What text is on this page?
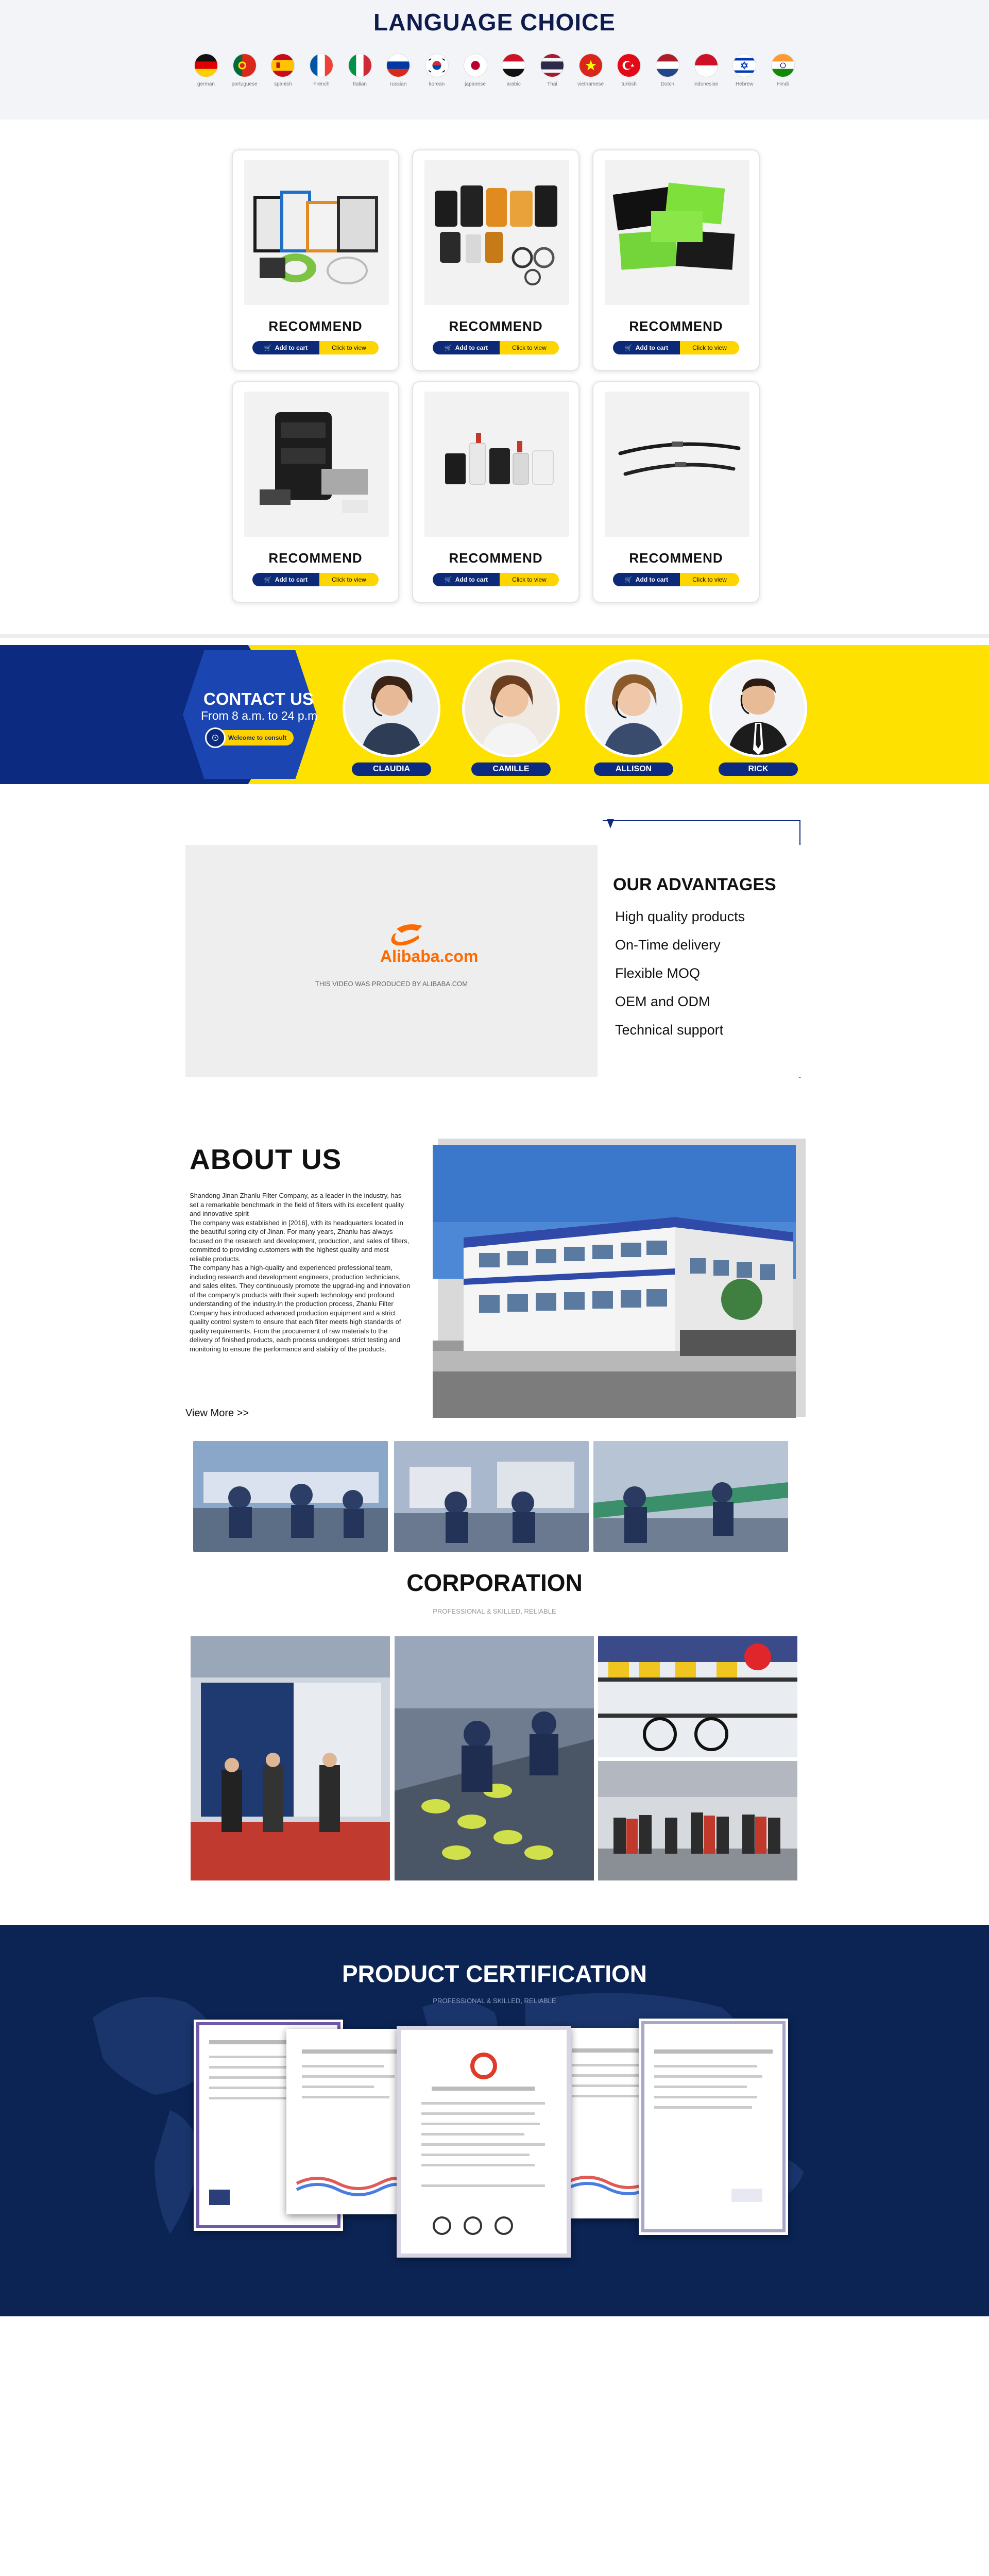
LANGUAGE CHOICE
german	portuguese	spanish	French	Italian	russian	korean	japanese	arabic	Thai	vietnamese	turkish	Dutch	indonesian	Hebrew	Hindi
RECOMMEND
🛒 Add to cart	Click to view
RECOMMEND
🛒 Add to cart	Click to view
RECOMMEND
🛒 Add to cart	Click to view
RECOMMEND
🛒 Add to cart	Click to view
RECOMMEND
🛒 Add to cart	Click to view
RECOMMEND
🛒 Add to cart	Click to view
CONTACT US
From 8 a.m. to 24 p.m
Welcome to consult
⏲
CLAUDIA	CAMILLE	ALLISON	RICK
Alibaba.com
THIS VIDEO WAS PRODUCED BY ALIBABA.COM
OUR ADVANTAGES
High quality products
On-Time delivery
Flexible MOQ
OEM and ODM
Technical support
ABOUT US

Shandong Jinan Zhanlu Filter Company, as a leader in the industry, has set a remarkable benchmark in the field of filters with its excellent quality and innovative spirit

The company was established in [2016], with its headquarters located in the beautiful spring city of Jinan. For many years, Zhanlu has always focused on the research and development, production, and sales of filters, committed to providing customers with the highest quality and most reliable products.

The company has a high-quality and experienced professional team, including research and development engineers, production technicians, and sales elites. They continuously promote the upgrad-ing and innovation of the company's products with their superb technology and profound understanding of the industry.In the production process, Zhanlu Filter Company has introduced advanced production equipment and a strict quality control system to ensure that each filter meets high standards of quality requirements. From the procurement of raw materials to the delivery of finished products, each process undergoes strict testing and monitoring to ensure the performance and stability of the products.

View More >>
CORPORATION
PROFESSIONAL & SKILLED, RELIABLE
PRODUCT CERTIFICATION
PROFESSIONAL & SKILLED, RELIABLE
